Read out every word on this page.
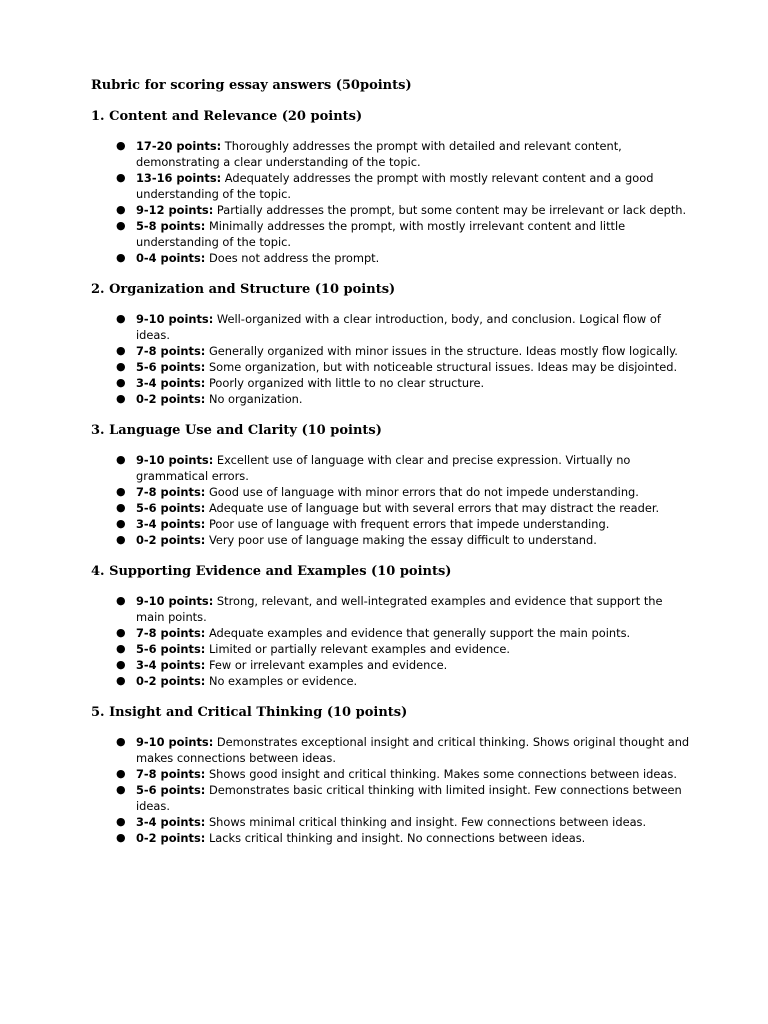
Rubric for scoring essay answers (50points)
1. Content and Relevance (20 points)
● 17-20 points: Thoroughly addresses the prompt with detailed and relevant content, demonstrating a clear understanding of the topic.
● 13-16 points: Adequately addresses the prompt with mostly relevant content and a good understanding of the topic.
● 9-12 points: Partially addresses the prompt, but some content may be irrelevant or lack depth.
● 5-8 points: Minimally addresses the prompt, with mostly irrelevant content and little understanding of the topic.
● 0-4 points: Does not address the prompt.
2. Organization and Structure (10 points)
● 9-10 points: Well-organized with a clear introduction, body, and conclusion. Logical flow of ideas.
● 7-8 points: Generally organized with minor issues in the structure. Ideas mostly flow logically.
● 5-6 points: Some organization, but with noticeable structural issues. Ideas may be disjointed.
● 3-4 points: Poorly organized with little to no clear structure.
● 0-2 points: No organization.
3. Language Use and Clarity (10 points)
● 9-10 points: Excellent use of language with clear and precise expression. Virtually no grammatical errors.
● 7-8 points: Good use of language with minor errors that do not impede understanding.
● 5-6 points: Adequate use of language but with several errors that may distract the reader.
● 3-4 points: Poor use of language with frequent errors that impede understanding.
● 0-2 points: Very poor use of language making the essay difficult to understand.
4. Supporting Evidence and Examples (10 points)
● 9-10 points: Strong, relevant, and well-integrated examples and evidence that support the main points.
● 7-8 points: Adequate examples and evidence that generally support the main points.
● 5-6 points: Limited or partially relevant examples and evidence.
● 3-4 points: Few or irrelevant examples and evidence.
● 0-2 points: No examples or evidence.
5. Insight and Critical Thinking (10 points)
● 9-10 points: Demonstrates exceptional insight and critical thinking. Shows original thought and makes connections between ideas.
● 7-8 points: Shows good insight and critical thinking. Makes some connections between ideas.
● 5-6 points: Demonstrates basic critical thinking with limited insight. Few connections between ideas.
● 3-4 points: Shows minimal critical thinking and insight. Few connections between ideas.
● 0-2 points: Lacks critical thinking and insight. No connections between ideas.
